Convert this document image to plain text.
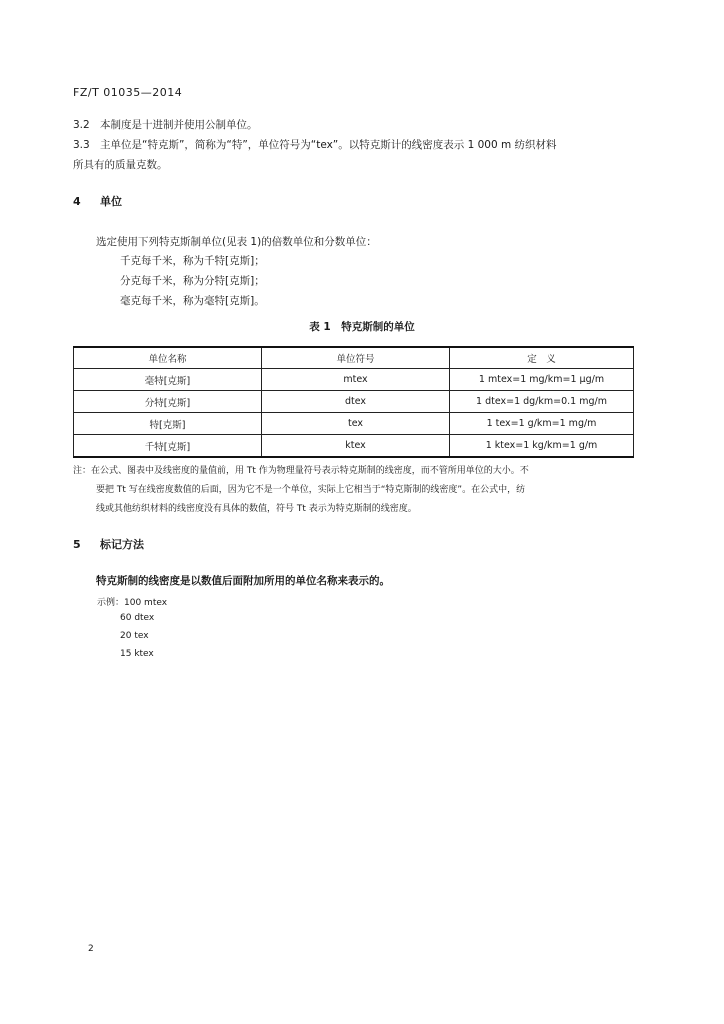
FZ/T 01035—2014
3.2 本制度是十进制并使用公制单位。
3.3 主单位是“特克斯”，简称为“特”，单位符号为“tex”。以特克斯计的线密度表示 1 000 m 纺织材料
所具有的质量克数。
4 单位
选定使用下列特克斯制单位(见表 1)的倍数单位和分数单位：
千克每千米，称为千特[克斯]；
分克每千米，称为分特[克斯]；
毫克每千米，称为毫特[克斯]。
表 1　特克斯制的单位
单位名称	单位符号	定　义
毫特[克斯]	mtex	1 mtex=1 mg/km=1 μg/m
分特[克斯]	dtex	1 dtex=1 dg/km=0.1 mg/m
特[克斯]	tex	1 tex=1 g/km=1 mg/m
千特[克斯]	ktex	1 ktex=1 kg/km=1 g/m
注：在公式、图表中及线密度的量值前，用 Tt 作为物理量符号表示特克斯制的线密度，而不管所用单位的大小。不
要把 Tt 写在线密度数值的后面，因为它不是一个单位，实际上它相当于“特克斯制的线密度”。在公式中，纺
线或其他纺织材料的线密度没有具体的数值，符号 Tt 表示为特克斯制的线密度。
5 标记方法
特克斯制的线密度是以数值后面附加所用的单位名称来表示的。
示例：100 mtex
60 dtex
20 tex
15 ktex
2
